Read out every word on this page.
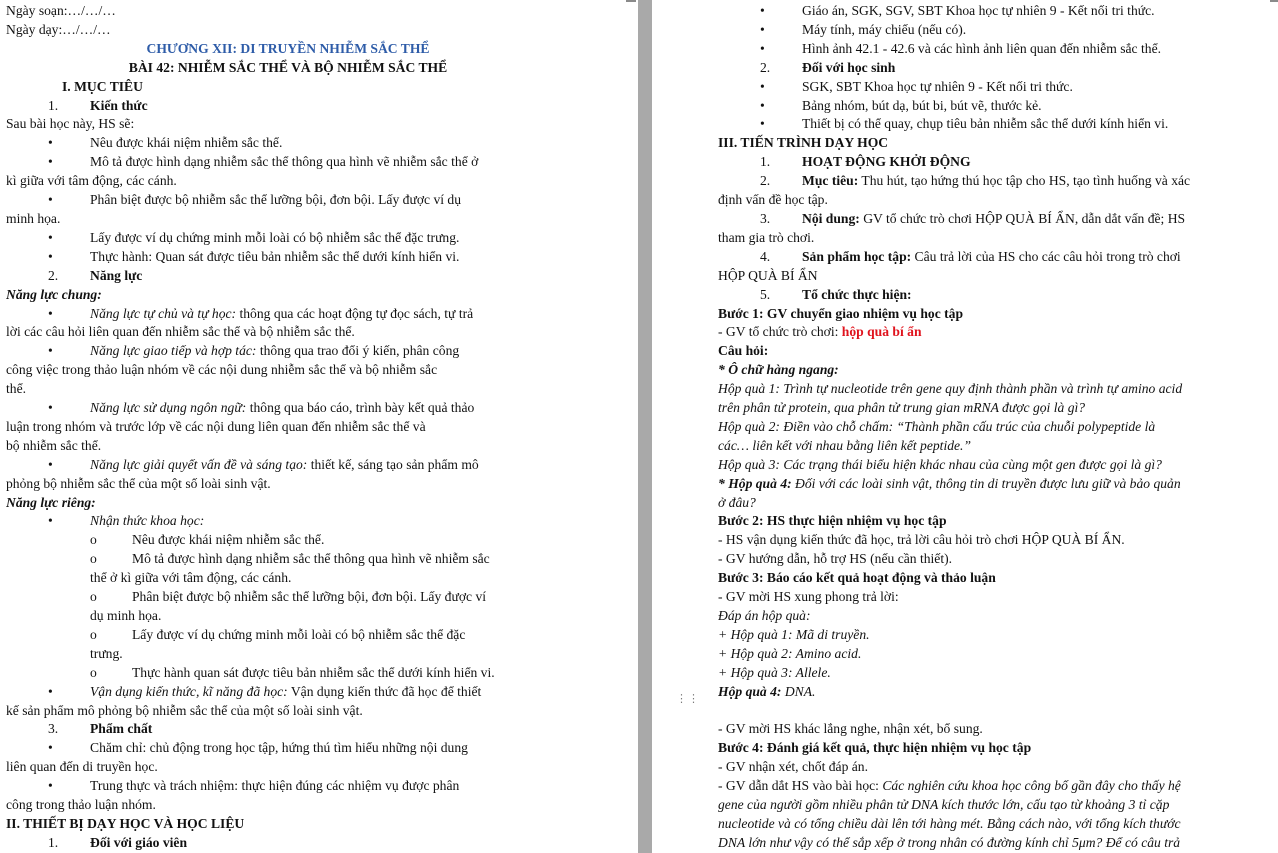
Ngày soạn:…/…/…
Ngày dạy:…/…/…
CHƯƠNG XII: DI TRUYỀN NHIỄM SẮC THỂ
BÀI 42: NHIỄM SẮC THỂ VÀ BỘ NHIỄM SẮC THỂ
I. MỤC TIÊU
1. Kiến thức
Sau bài học này, HS sẽ:
•	Nêu được khái niệm nhiễm sắc thể.
•	Mô tả được hình dạng nhiễm sắc thể thông qua hình vẽ nhiễm sắc thể ở
kì giữa với tâm động, các cánh.
•	Phân biệt được bộ nhiễm sắc thể lưỡng bội, đơn bội. Lấy được ví dụ
minh họa.
•	Lấy được ví dụ chứng minh mỗi loài có bộ nhiễm sắc thể đặc trưng.
•	Thực hành: Quan sát được tiêu bản nhiễm sắc thể dưới kính hiển vi.
2. Năng lực
Năng lực chung:
•	Năng lực tự chủ và tự học: thông qua các hoạt động tự đọc sách, tự trả
lời các câu hỏi liên quan đến nhiễm sắc thể và bộ nhiễm sắc thể.
•	Năng lực giao tiếp và hợp tác: thông qua trao đổi ý kiến, phân công
công việc trong thảo luận nhóm về các nội dung nhiễm sắc thể và bộ nhiễm sắc
thể.
•	Năng lực sử dụng ngôn ngữ: thông qua báo cáo, trình bày kết quả thảo
luận trong nhóm và trước lớp về các nội dung liên quan đến nhiễm sắc thể và
bộ nhiễm sắc thể.
•	Năng lực giải quyết vấn đề và sáng tạo: thiết kế, sáng tạo sản phẩm mô
phỏng bộ nhiễm sắc thể của một số loài sinh vật.
Năng lực riêng:
•	Nhận thức khoa học:
o	Nêu được khái niệm nhiễm sắc thể.
o	Mô tả được hình dạng nhiễm sắc thể thông qua hình vẽ nhiễm sắc
thể ở kì giữa với tâm động, các cánh.
o	Phân biệt được bộ nhiễm sắc thể lưỡng bội, đơn bội. Lấy được ví
dụ minh họa.
o	Lấy được ví dụ chứng minh mỗi loài có bộ nhiễm sắc thể đặc
trưng.
o	Thực hành quan sát được tiêu bản nhiễm sắc thể dưới kính hiển vi.
•	Vận dụng kiến thức, kĩ năng đã học: Vận dụng kiến thức đã học để thiết
kế sản phẩm mô phỏng bộ nhiễm sắc thể của một số loài sinh vật.
3. Phẩm chất
•	Chăm chỉ: chủ động trong học tập, hứng thú tìm hiểu những nội dung
liên quan đến di truyền học.
•	Trung thực và trách nhiệm: thực hiện đúng các nhiệm vụ được phân
công trong thảo luận nhóm.
II. THIẾT BỊ DẠY HỌC VÀ HỌC LIỆU
1. Đối với giáo viên
•	Giáo án, SGK, SGV, SBT Khoa học tự nhiên 9 - Kết nối tri thức.
•	Máy tính, máy chiếu (nếu có).
•	Hình ảnh 42.1 - 42.6 và các hình ảnh liên quan đến nhiễm sắc thể.
2. Đối với học sinh
•	SGK, SBT Khoa học tự nhiên 9 - Kết nối tri thức.
•	Bảng nhóm, bút dạ, bút bi, bút vẽ, thước kẻ.
•	Thiết bị có thể quay, chụp tiêu bản nhiễm sắc thể dưới kính hiển vi.
III. TIẾN TRÌNH DẠY HỌC
1. HOẠT ĐỘNG KHỞI ĐỘNG
2. Mục tiêu: Thu hút, tạo hứng thú học tập cho HS, tạo tình huống và xác
định vấn đề học tập.
3. Nội dung: GV tổ chức trò chơi HỘP QUÀ BÍ ẨN, dẫn dắt vấn đề; HS
tham gia trò chơi.
4. Sản phẩm học tập: Câu trả lời của HS cho các câu hỏi trong trò chơi
HỘP QUÀ BÍ ẨN
5. Tổ chức thực hiện:
Bước 1: GV chuyển giao nhiệm vụ học tập
- GV tổ chức trò chơi: hộp quà bí ẩn
Câu hỏi:
* Ô chữ hàng ngang:
Hộp quà 1: Trình tự nucleotide trên gene quy định thành phần và trình tự amino acid
trên phân tử protein, qua phân tử trung gian mRNA được gọi là gì?
Hộp quà 2: Điền vào chỗ chấm: “Thành phần cấu trúc của chuỗi polypeptide là
các… liên kết với nhau bằng liên kết peptide.”
Hộp quà 3: Các trạng thái biểu hiện khác nhau của cùng một gen được gọi là gì?
* Hộp quà 4: Đối với các loài sinh vật, thông tin di truyền được lưu giữ và bảo quản
ở đâu?
Bước 2: HS thực hiện nhiệm vụ học tập
- HS vận dụng kiến thức đã học, trả lời câu hỏi trò chơi HỘP QUÀ BÍ ẨN.
- GV hướng dẫn, hỗ trợ HS (nếu cần thiết).
Bước 3: Báo cáo kết quả hoạt động và thảo luận
- GV mời HS xung phong trả lời:
Đáp án hộp quà:
+ Hộp quà 1: Mã di truyền.
+ Hộp quà 2: Amino acid.
+ Hộp quà 3: Allele.
Hộp quà 4: DNA.
- GV mời HS khác lắng nghe, nhận xét, bổ sung.
Bước 4: Đánh giá kết quả, thực hiện nhiệm vụ học tập
- GV nhận xét, chốt đáp án.
- GV dẫn dắt HS vào bài học: Các nghiên cứu khoa học công bố gần đây cho thấy hệ
gene của người gồm nhiều phân tử DNA kích thước lớn, cấu tạo từ khoảng 3 tỉ cặp
nucleotide và có tổng chiều dài lên tới hàng mét. Bằng cách nào, với tổng kích thước
DNA lớn như vậy có thể sắp xếp ở trong nhân có đường kính chỉ 5μm? Để có câu trả
⋮⋮
